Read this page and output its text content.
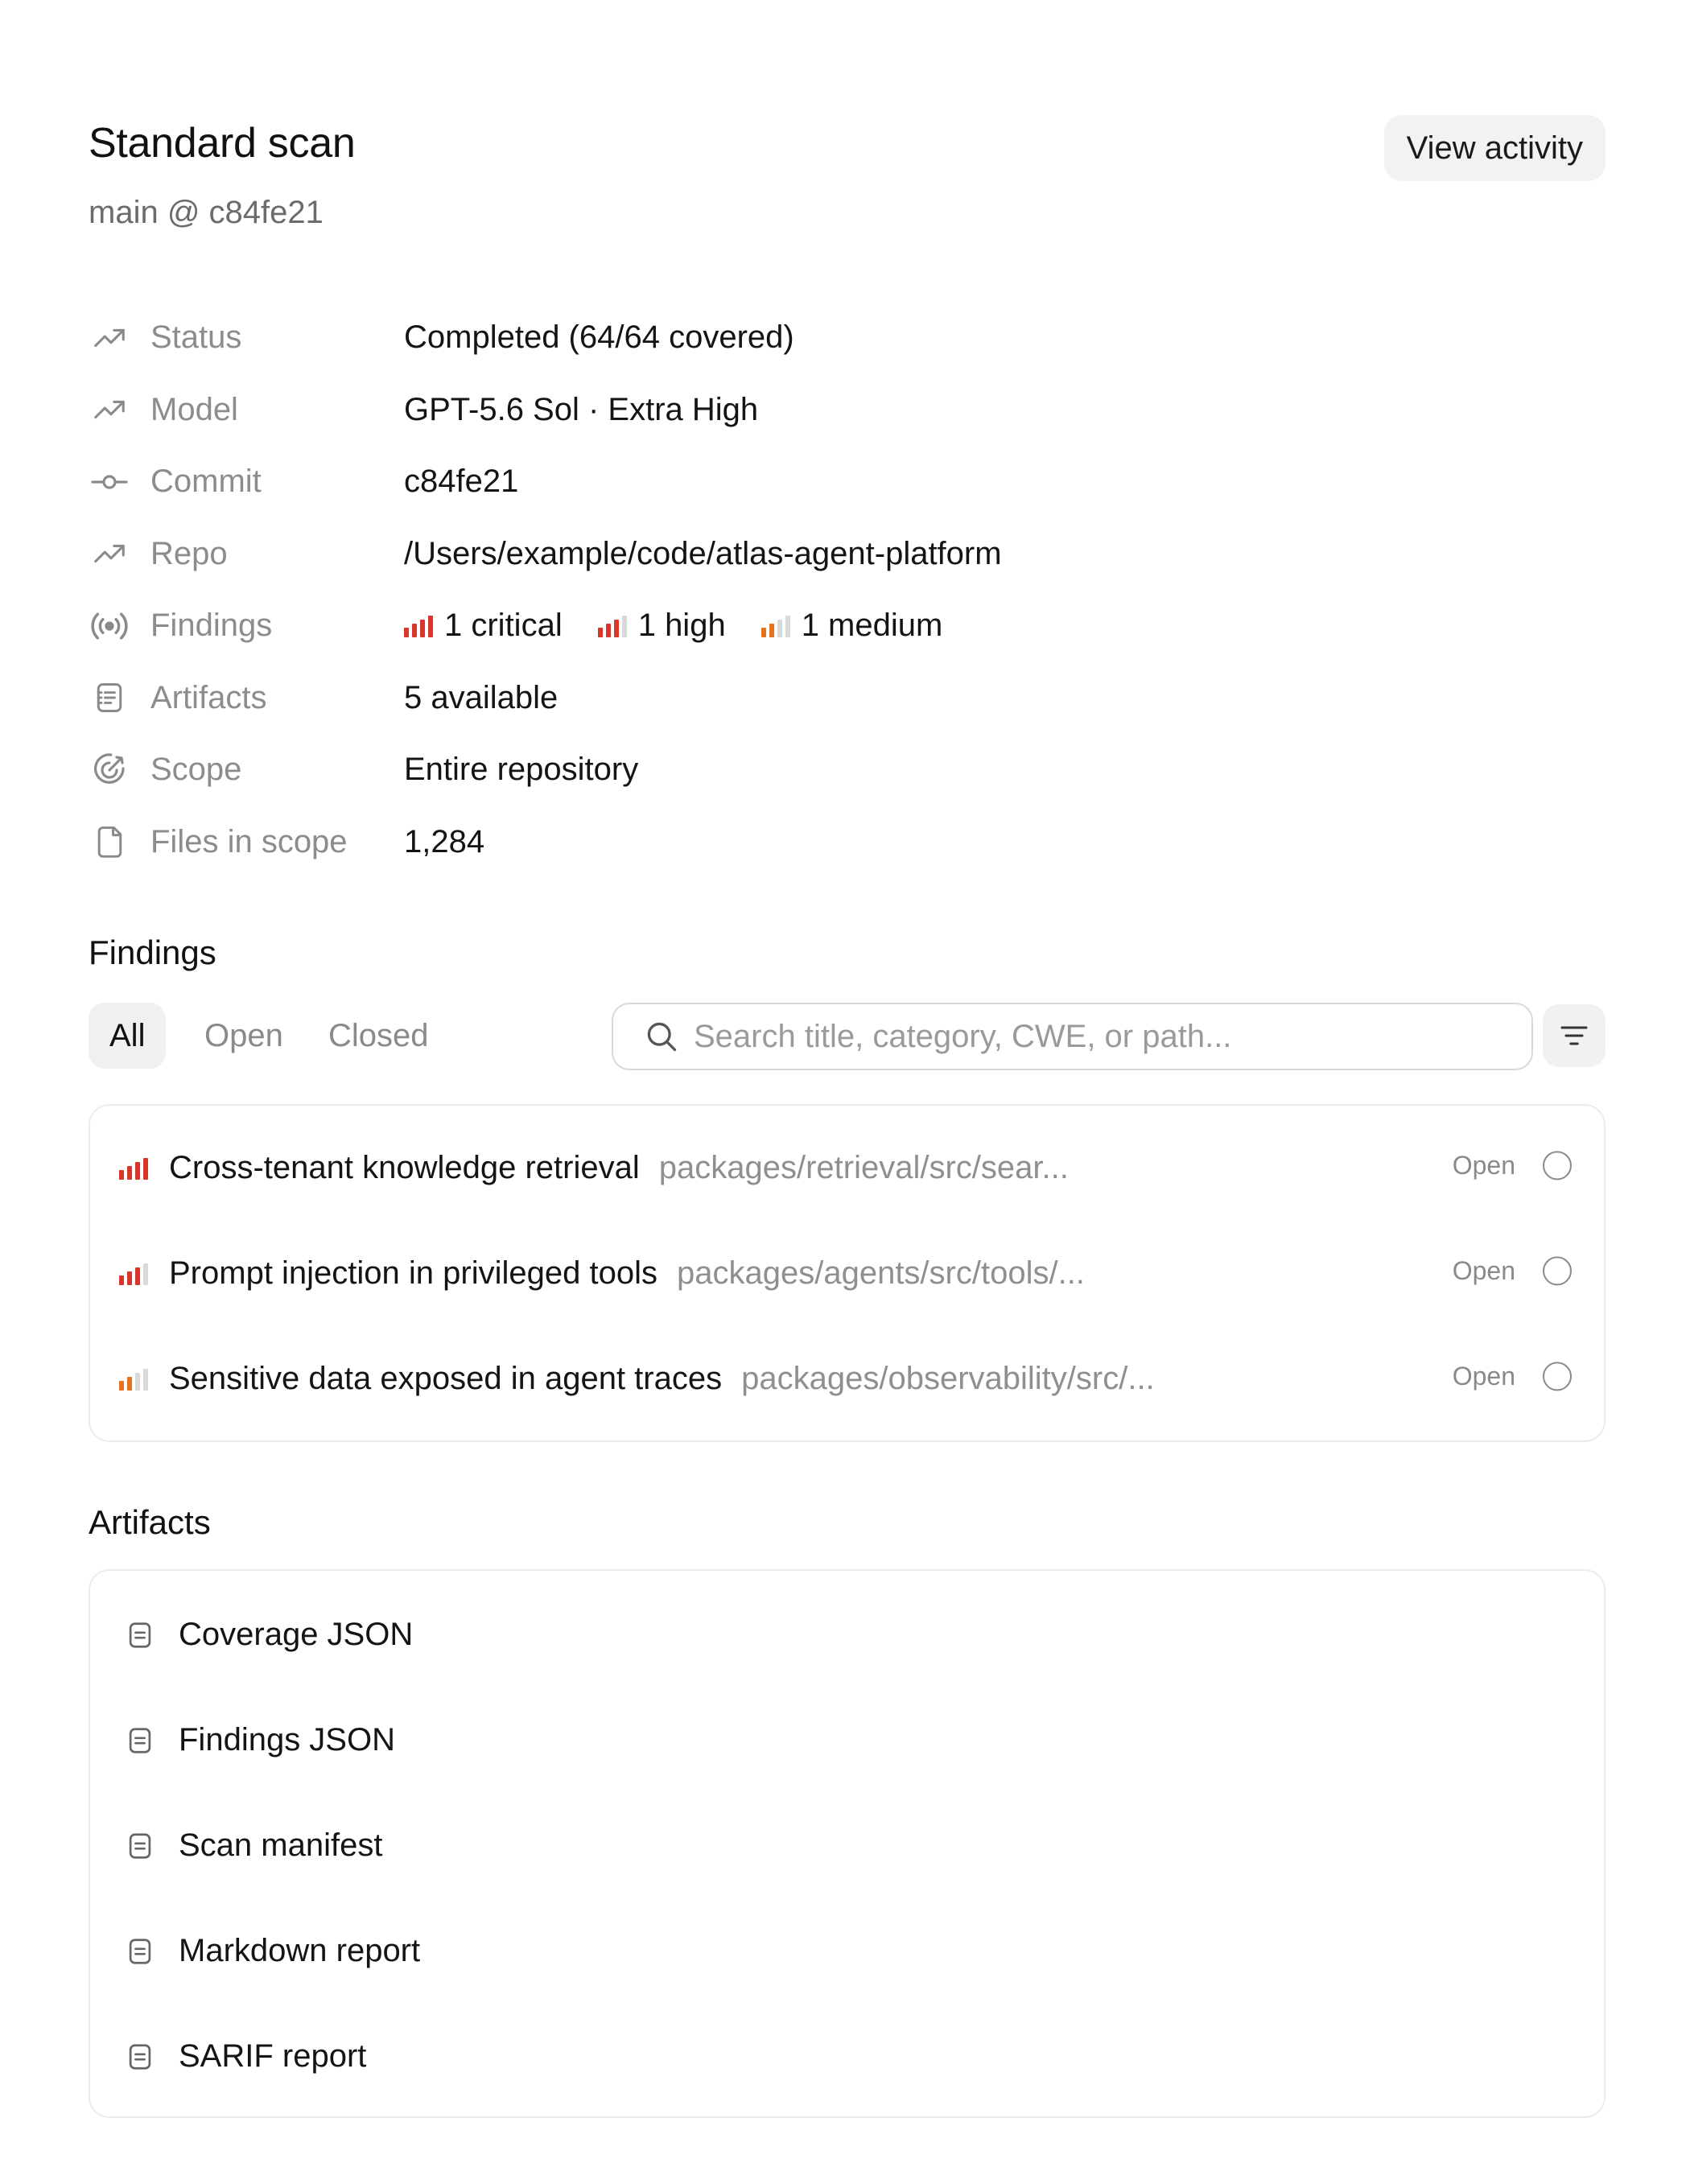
Standard scan
main @ c84fe21
View activity
Status	Completed (64/64 covered)
Model	GPT-5.6 Sol · Extra High
Commit	c84fe21
Repo	/Users/example/code/atlas-agent-platform
Findings	1 critical 1 high 1 medium
Artifacts	5 available
Scope	Entire repository
Files in scope	1,284
Findings
All	Open	Closed
Search title, category, CWE, or path...
Cross-tenant knowledge retrieval packages/retrieval/src/sear...	Open
Prompt injection in privileged tools packages/agents/src/tools/...	Open
Sensitive data exposed in agent traces packages/observability/src/...	Open
Artifacts
Coverage JSON
Findings JSON
Scan manifest
Markdown report
SARIF report
